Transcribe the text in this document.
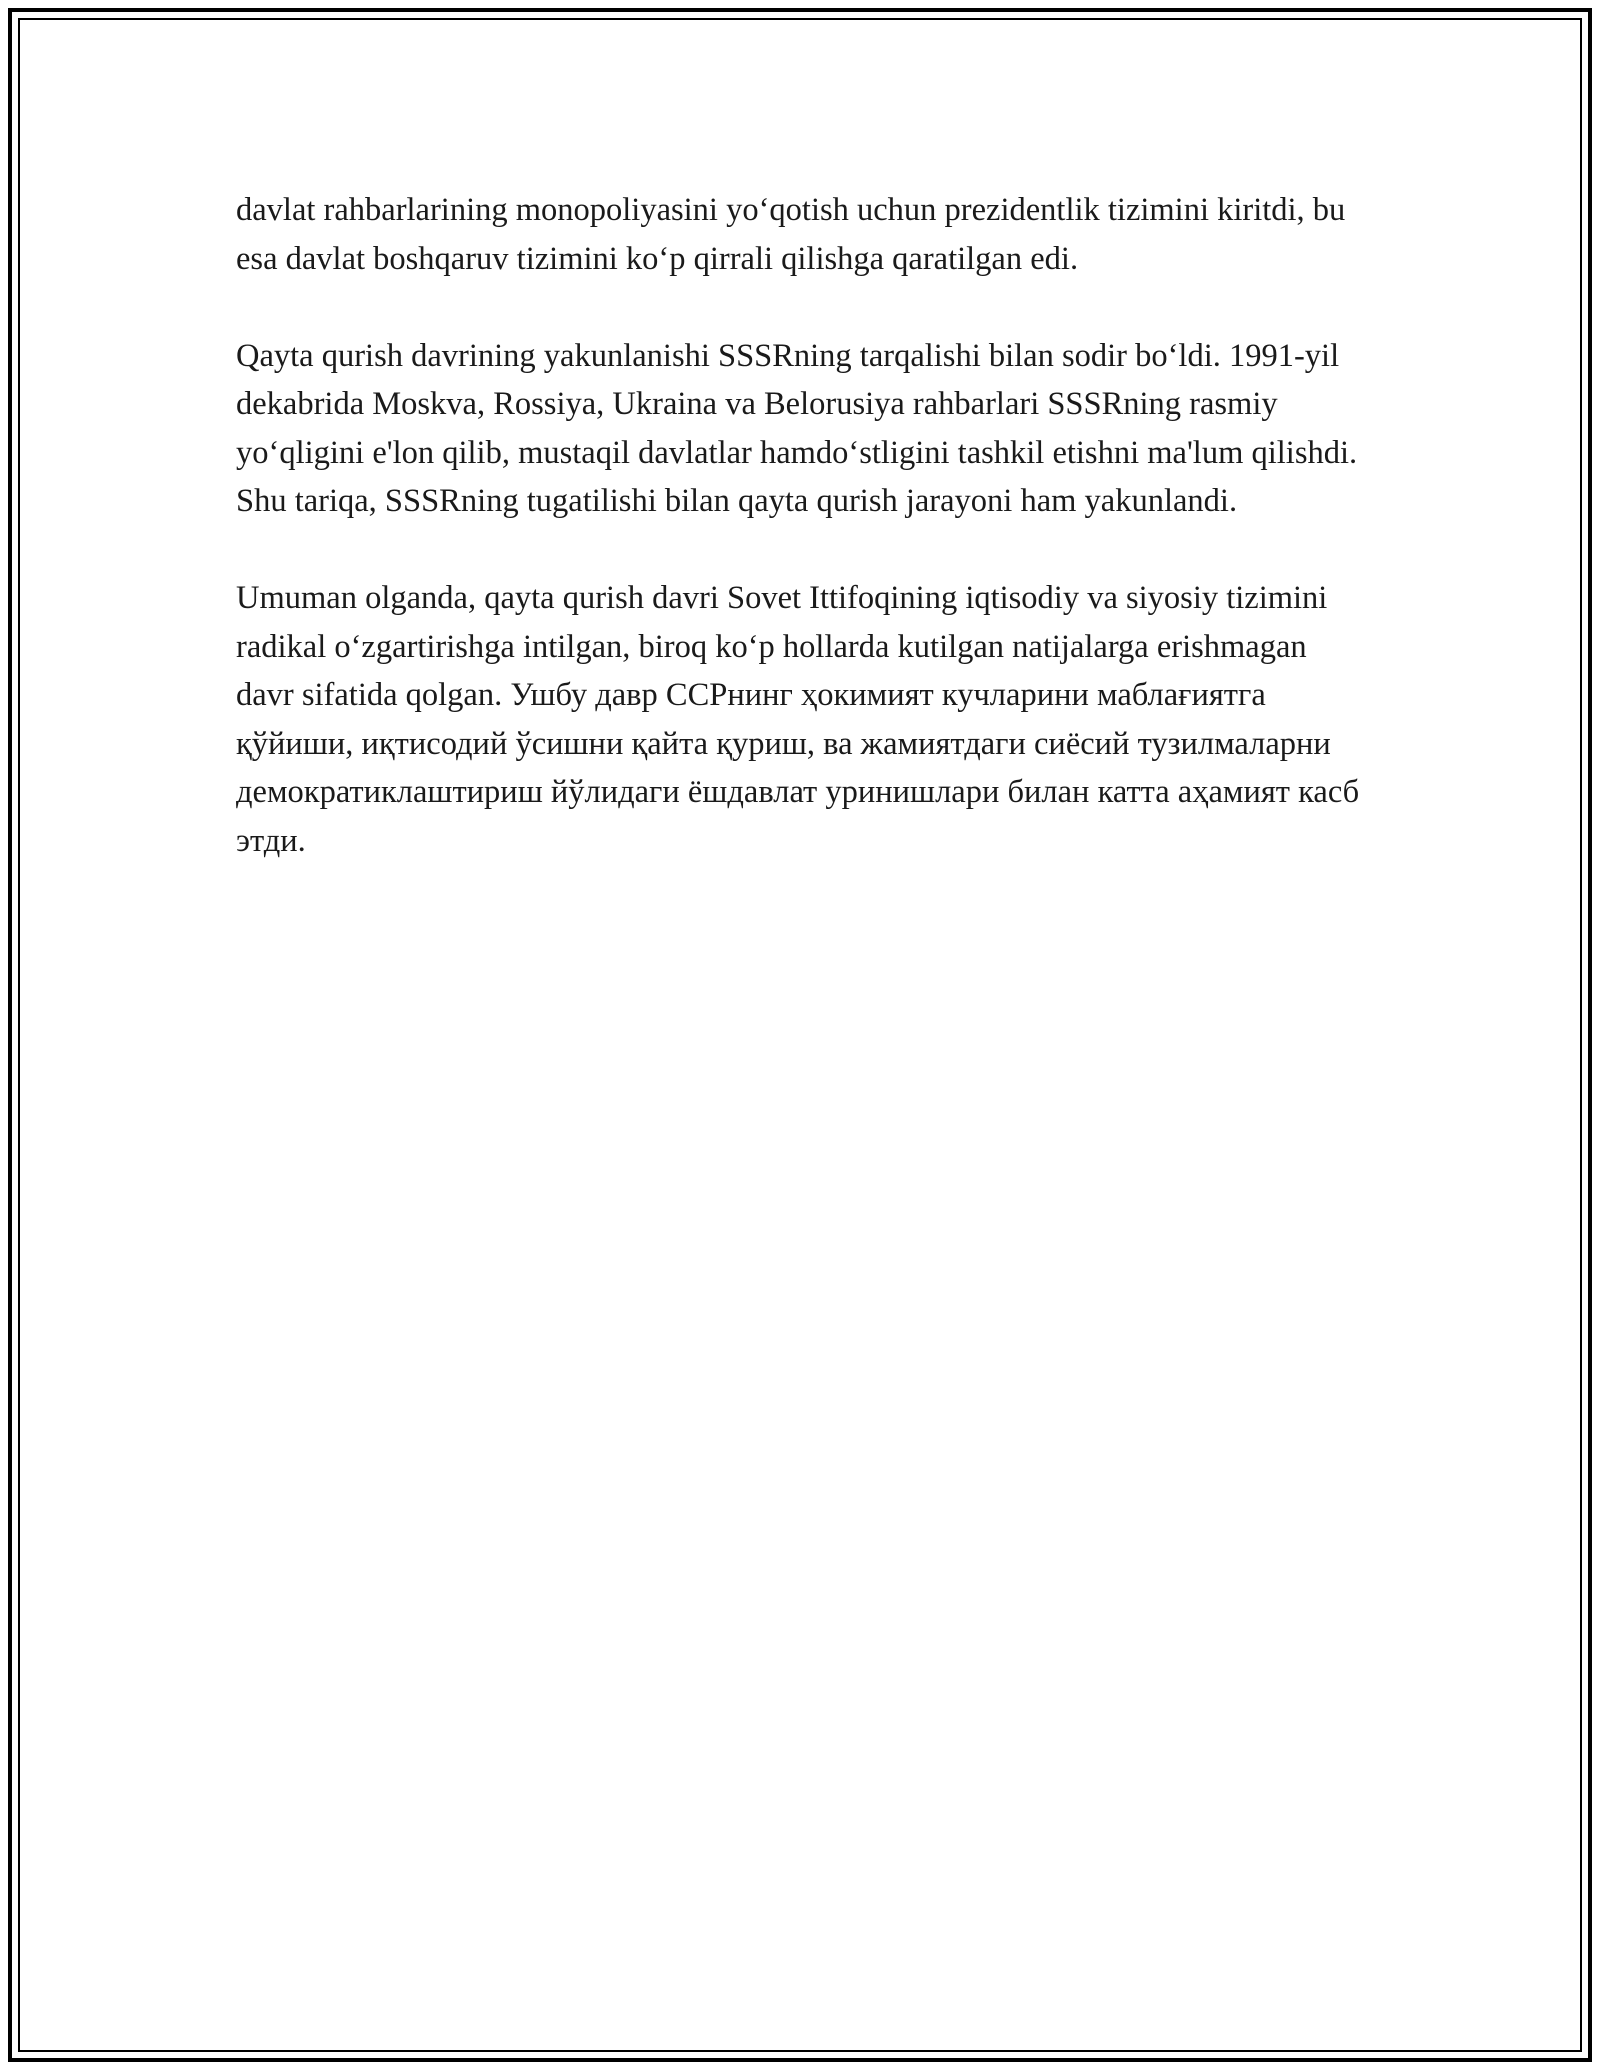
davlat rahbarlarining monopoliyasini yo‘qotish uchun prezidentlik tizimini kiritdi, bu esa davlat boshqaruv tizimini ko‘p qirrali qilishga qaratilgan edi.

Qayta qurish davrining yakunlanishi SSSRning tarqalishi bilan sodir bo‘ldi. 1991-yil dekabrida Moskva, Rossiya, Ukraina va Belorusiya rahbarlari SSSRning rasmiy yo‘qligini e'lon qilib, mustaqil davlatlar hamdo‘stligini tashkil etishni ma'lum qilishdi. Shu tariqa, SSSRning tugatilishi bilan qayta qurish jarayoni ham yakunlandi.

Umuman olganda, qayta qurish davri Sovet Ittifoqining iqtisodiy va siyosiy tizimini radikal o‘zgartirishga intilgan, biroq ko‘p hollarda kutilgan natijalarga erishmagan davr sifatida qolgan. Ушбу давр ССРнинг ҳокимият кучларини маблағиятга қўйиши, иқтисодий ўсишни қайта қуриш, ва жамиятдаги сиёсий тузилмаларни демократиклаштириш йўлидаги ёшдавлат уринишлари билан катта аҳамият касб этди.
